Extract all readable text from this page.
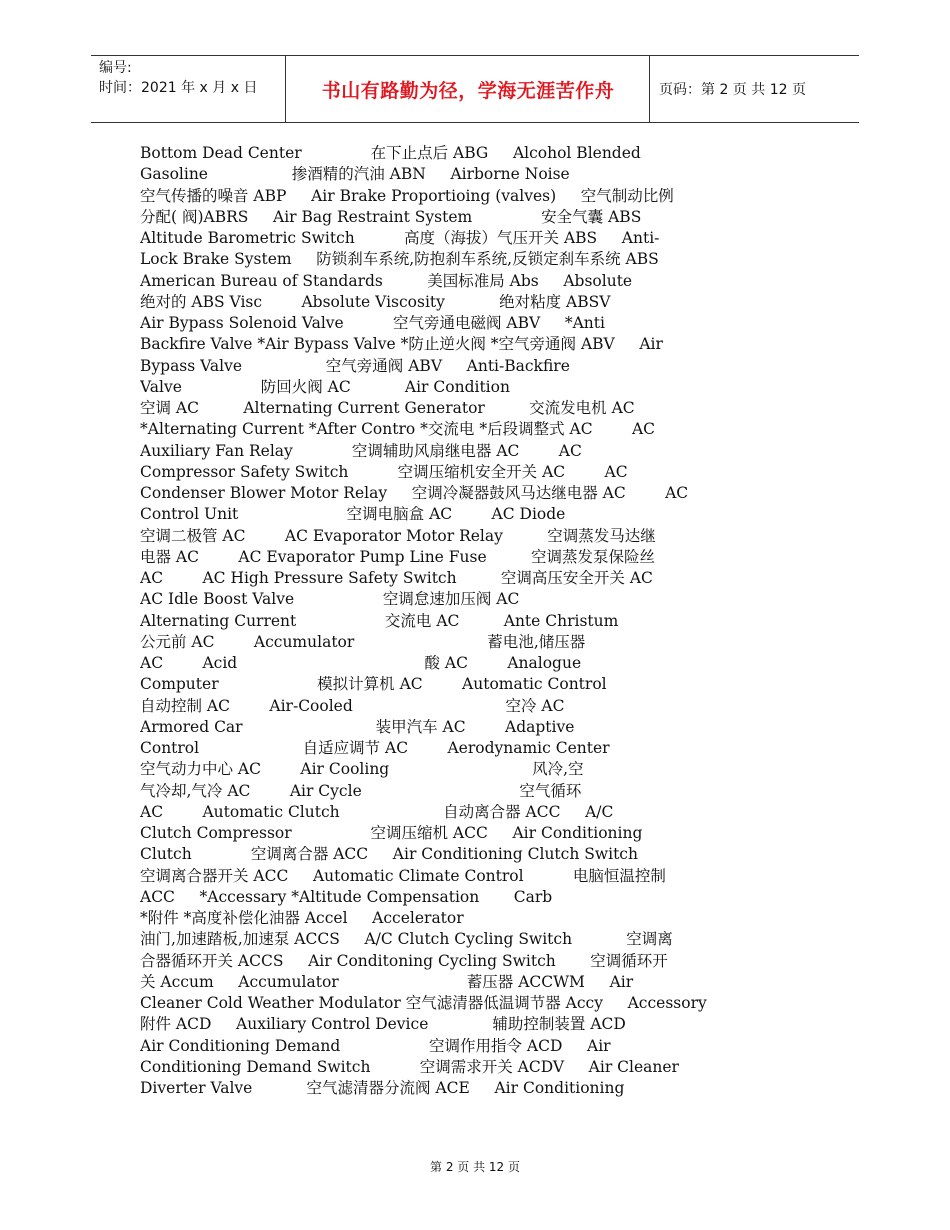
编号:
时间：2021 年 x 月 x 日	书山有路勤为径，学海无涯苦作舟	页码：第 2 页 共 12 页
Bottom Dead Center              在下止点后 ABG     Alcohol Blended
Gasoline                 掺酒精的汽油 ABN     Airborne Noise
空气传播的噪音 ABP     Air Brake Proportioing (valves)     空气制动比例
分配( 阀)ABRS     Air Bag Restraint System              安全气囊 ABS
Altitude Barometric Switch          高度（海拔）气压开关 ABS     Anti-
Lock Brake System     防锁刹车系统,防抱刹车系统,反锁定刹车系统 ABS
American Bureau of Standards         美国标准局 Abs     Absolute
绝对的 ABS Visc        Absolute Viscosity           绝对粘度 ABSV
Air Bypass Solenoid Valve          空气旁通电磁阀 ABV     *Anti
Backfire Valve *Air Bypass Valve *防止逆火阀 *空气旁通阀 ABV     Air
Bypass Valve                 空气旁通阀 ABV     Anti-Backfire
Valve                防回火阀 AC           Air Condition
空调 AC         Alternating Current Generator         交流发电机 AC
*Alternating Current *After Contro *交流电 *后段调整式 AC        AC
Auxiliary Fan Relay            空调辅助风扇继电器 AC        AC
Compressor Safety Switch          空调压缩机安全开关 AC        AC
Condenser Blower Motor Relay     空调冷凝器鼓风马达继电器 AC        AC
Control Unit                      空调电脑盒 AC        AC Diode
空调二极管 AC        AC Evaporator Motor Relay         空调蒸发马达继
电器 AC        AC Evaporator Pump Line Fuse         空调蒸发泵保险丝
AC        AC High Pressure Safety Switch         空调高压安全开关 AC
AC Idle Boost Valve                  空调怠速加压阀 AC
Alternating Current                  交流电 AC         Ante Christum
公元前 AC        Accumulator                           蓄电池,储压器
AC        Acid                                      酸 AC        Analogue
Computer                    模拟计算机 AC        Automatic Control
自动控制 AC        Air-Cooled                               空冷 AC
Armored Car                           装甲汽车 AC        Adaptive
Control                     自适应调节 AC        Aerodynamic Center
空气动力中心 AC        Air Cooling                             风冷,空
气冷却,气冷 AC        Air Cycle                                空气循环
AC        Automatic Clutch                     自动离合器 ACC     A/C
Clutch Compressor                空调压缩机 ACC     Air Conditioning
Clutch            空调离合器 ACC     Air Conditioning Clutch Switch
空调离合器开关 ACC     Automatic Climate Control          电脑恒温控制
ACC     *Accessary *Altitude Compensation       Carb
*附件 *高度补偿化油器 Accel     Accelerator
油门,加速踏板,加速泵 ACCS     A/C Clutch Cycling Switch           空调离
合器循环开关 ACCS     Air Conditoning Cycling Switch       空调循环开
关 Accum     Accumulator                          蓄压器 ACCWM     Air
Cleaner Cold Weather Modulator 空气滤清器低温调节器 Accy     Accessory
附件 ACD     Auxiliary Control Device             辅助控制装置 ACD
Air Conditioning Demand                  空调作用指令 ACD     Air
Conditioning Demand Switch          空调需求开关 ACDV     Air Cleaner
Diverter Valve           空气滤清器分流阀 ACE     Air Conditioning
第 2 页 共 12 页
